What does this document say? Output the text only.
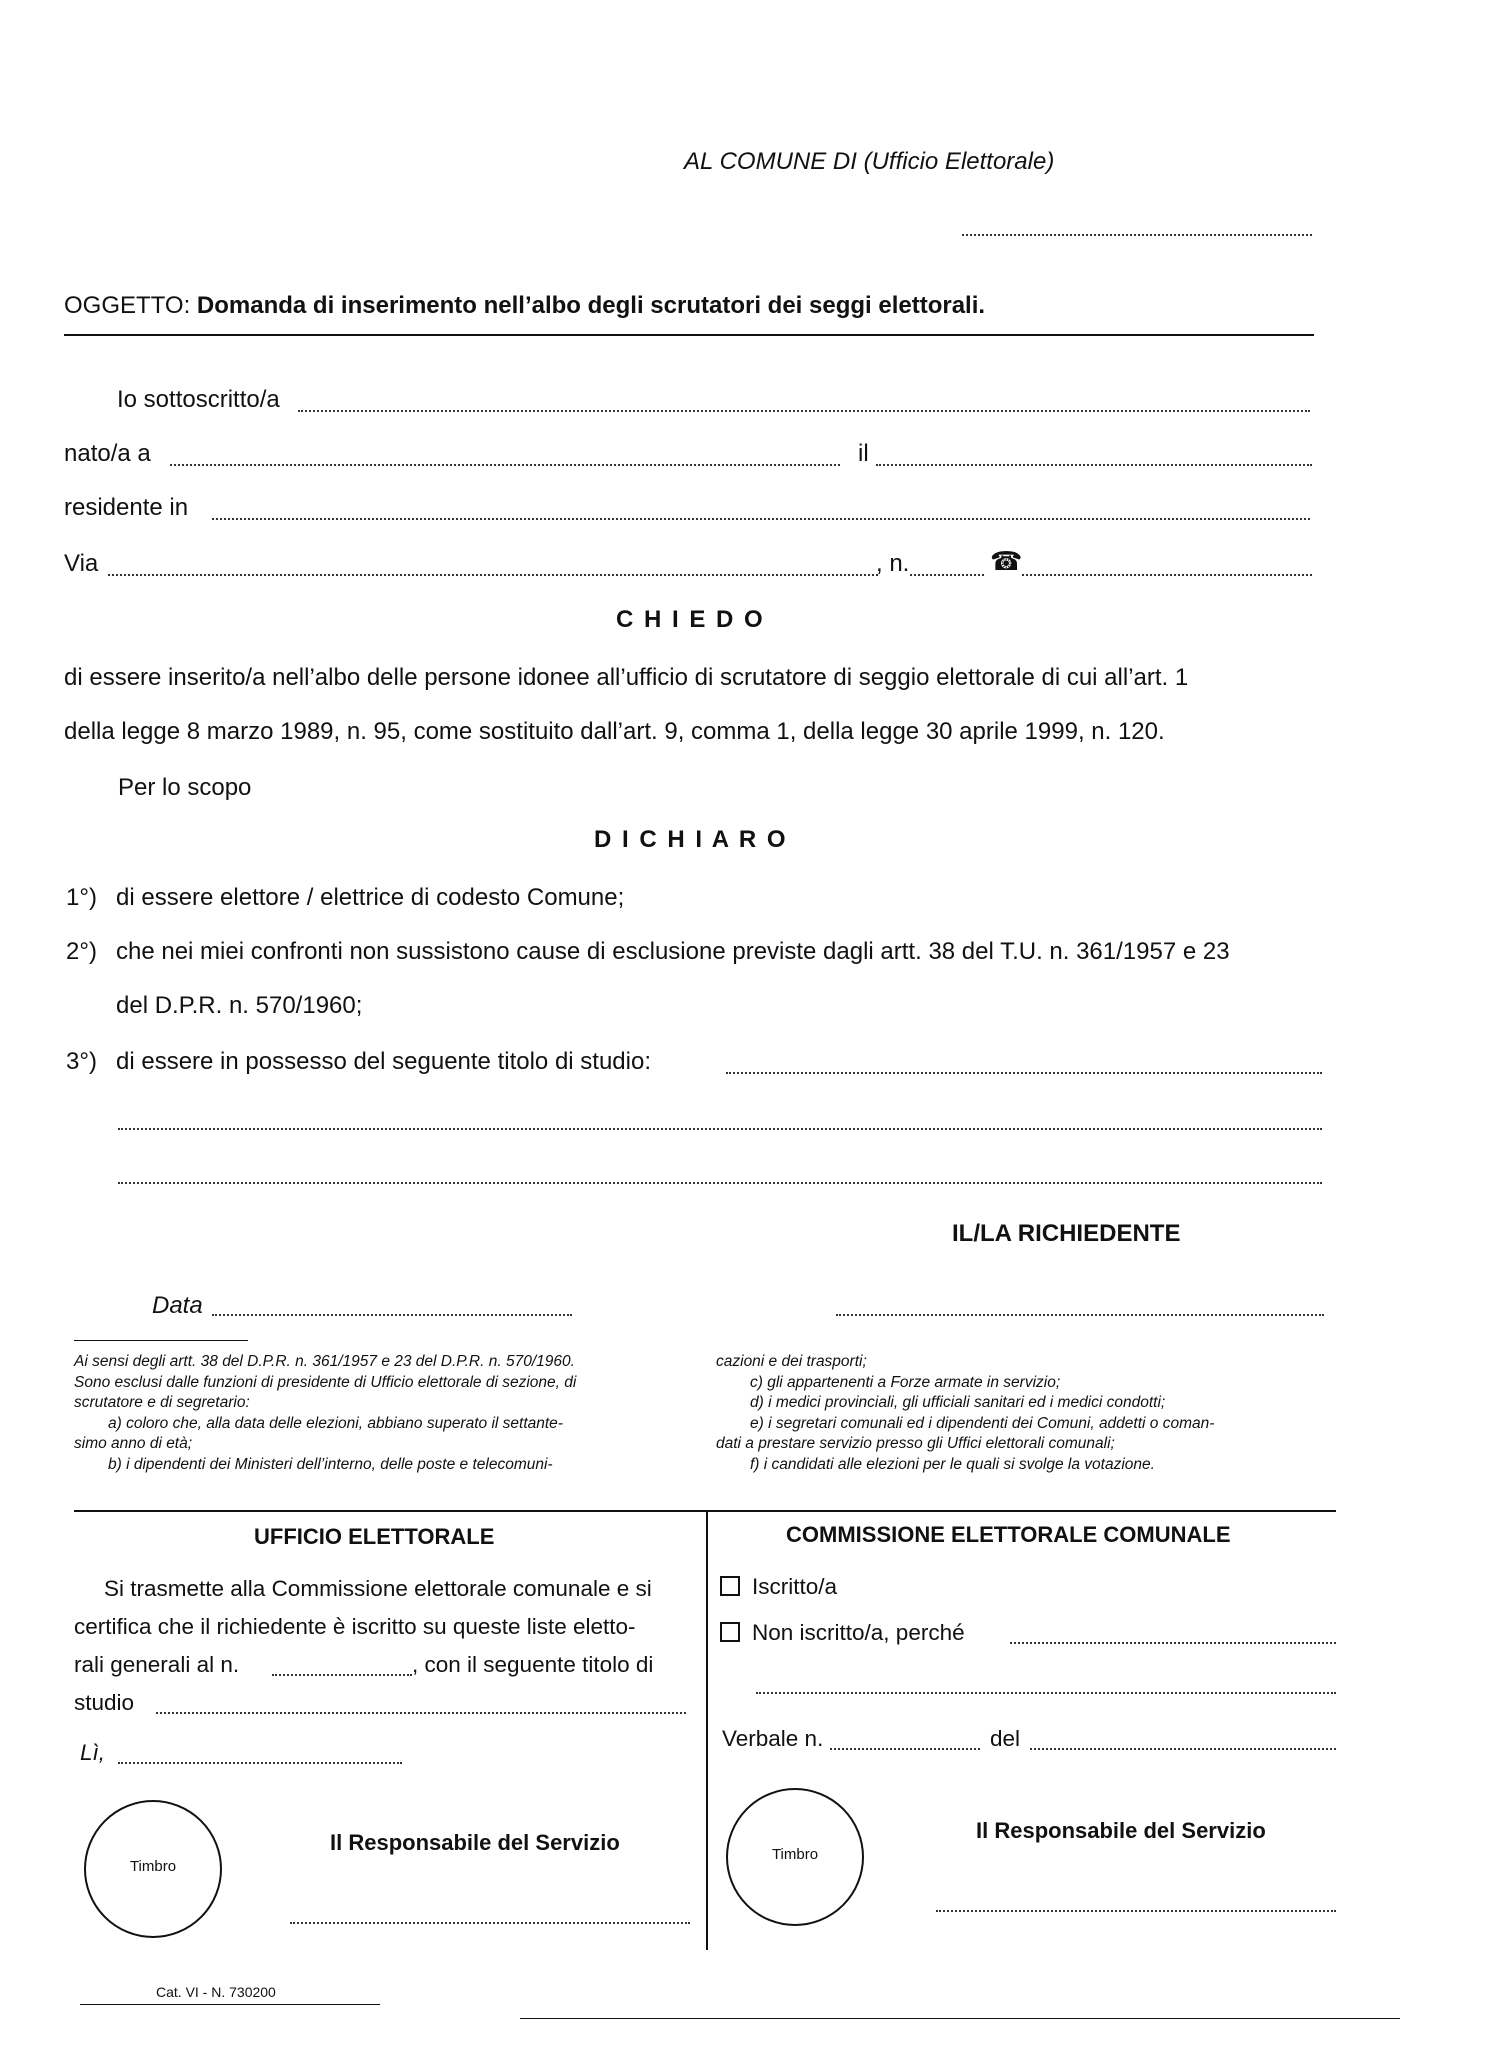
AL COMUNE DI (Ufficio Elettorale)
OGGETTO: Domanda di inserimento nell’albo degli scrutatori dei seggi elettorali.
Io sottoscritto/a
nato/a a	il
residente in
Via	, n.	☎
C H I E D O
di essere inserito/a nell’albo delle persone idonee all’ufficio di scrutatore di seggio elettorale di cui all’art. 1
della legge 8 marzo 1989, n. 95, come sostituito dall’art. 9, comma 1, della legge 30 aprile 1999, n. 120.
Per lo scopo
D I C H I A R O
1°) di essere elettore / elettrice di codesto Comune;
2°) che nei miei confronti non sussistono cause di esclusione previste dagli artt. 38 del T.U. n. 361/1957 e 23
del D.P.R. n. 570/1960;
3°) di essere in possesso del seguente titolo di studio:
IL/LA RICHIEDENTE
Data
Ai sensi degli artt. 38 del D.P.R. n. 361/1957 e 23 del D.P.R. n. 570/1960.
Sono esclusi dalle funzioni di presidente di Ufficio elettorale di sezione, di
scrutatore e di segretario:
a) coloro che, alla data delle elezioni, abbiano superato il settante-
simo anno di età;
b) i dipendenti dei Ministeri dell’interno, delle poste e telecomuni-
cazioni e dei trasporti;
c) gli appartenenti a Forze armate in servizio;
d) i medici provinciali, gli ufficiali sanitari ed i medici condotti;
e) i segretari comunali ed i dipendenti dei Comuni, addetti o coman-
dati a prestare servizio presso gli Uffici elettorali comunali;
f) i candidati alle elezioni per le quali si svolge la votazione.
UFFICIO ELETTORALE
Si trasmette alla Commissione elettorale comunale e si
certifica che il richiedente è iscritto su queste liste eletto-
rali generali al n.	, con il seguente titolo di
studio
Lì,
Timbro
Il Responsabile del Servizio
COMMISSIONE ELETTORALE COMUNALE
Iscritto/a
Non iscritto/a, perché
Verbale n.	del
Timbro
Il Responsabile del Servizio
Cat. VI - N. 730200
